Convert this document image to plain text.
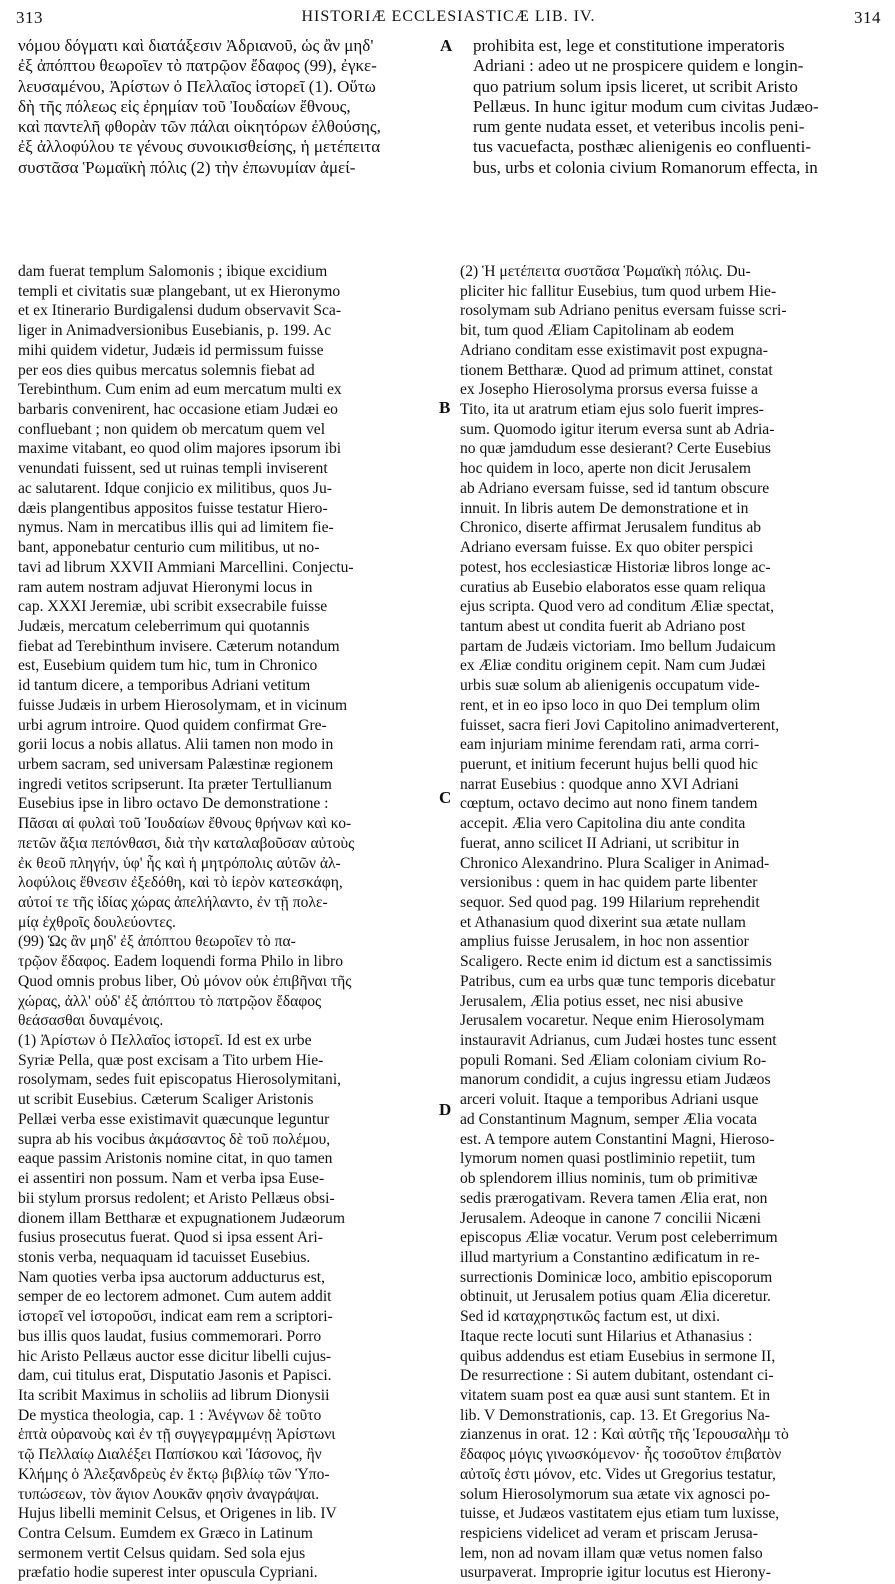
313	HISTORIÆ ECCLESIASTICÆ LIB. IV.	314
νόμου δόγματι καὶ διατάξεσιν Ἀδριανοῦ, ὡς ἂν μηδ'
ἐξ ἀπόπτου θεωροῖεν τὸ πατρῷον ἔδαφος (99), ἐγκε-
λευσαμένου, Ἀρίστων ὁ Πελλαῖος ἱστορεῖ (1). Οὕτω
δὴ τῆς πόλεως εἰς ἐρημίαν τοῦ Ἰουδαίων ἔθνους,
καὶ παντελῆ φθορὰν τῶν πάλαι οἰκητόρων ἐλθούσης,
ἐξ ἀλλοφύλου τε γένους συνοικισθείσης, ἡ μετέπειτα
συστᾶσα Ῥωμαϊκὴ πόλις (2) τὴν ἐπωνυμίαν ἀμεί-
prohibita est, lege et constitutione imperatoris
Adriani : adeo ut ne prospicere quidem e longin-
quo patrium solum ipsis liceret, ut scribit Aristo
Pellæus. In hunc igitur modum cum civitas Judæo-
rum gente nudata esset, et veteribus incolis peni-
tus vacuefacta, posthæc alienigenis eo confluenti-
bus, urbs et colonia civium Romanorum effecta, in
dam fuerat templum Salomonis ; ibique excidium
templi et civitatis suæ plangebant, ut ex Hieronymo
et ex Itinerario Burdigalensi dudum observavit Sca-
liger in Animadversionibus Eusebianis, p. 199. Ac
mihi quidem videtur, Judæis id permissum fuisse
per eos dies quibus mercatus solemnis fiebat ad
Terebinthum. Cum enim ad eum mercatum multi ex
barbaris convenirent, hac occasione etiam Judæi eo
confluebant ; non quidem ob mercatum quem vel
maxime vitabant, eo quod olim majores ipsorum ibi
venundati fuissent, sed ut ruinas templi inviserent
ac salutarent. Idque conjicio ex militibus, quos Ju-
dæis plangentibus appositos fuisse testatur Hiero-
nymus. Nam in mercatibus illis qui ad limitem fie-
bant, apponebatur centurio cum militibus, ut no-
tavi ad librum XXVII Ammiani Marcellini. Conjectu-
ram autem nostram adjuvat Hieronymi locus in
cap. XXXI Jeremiæ, ubi scribit exsecrabile fuisse
Judæis, mercatum celeberrimum qui quotannis
fiebat ad Terebinthum invisere. Cæterum notandum
est, Eusebium quidem tum hic, tum in Chronico
id tantum dicere, a temporibus Adriani vetitum
fuisse Judæis in urbem Hierosolymam, et in vicinum
urbi agrum introire. Quod quidem confirmat Gre-
gorii locus a nobis allatus. Alii tamen non modo in
urbem sacram, sed universam Palæstinæ regionem
ingredi vetitos scripserunt. Ita præter Tertullianum
Eusebius ipse in libro octavo De demonstratione :
Πᾶσαι αἱ φυλαὶ τοῦ Ἰουδαίων ἔθνους θρήνων καὶ κο-
πετῶν ἄξια πεπόνθασι, διὰ τὴν καταλαβοῦσαν αὐτοὺς
ἐκ θεοῦ πληγήν, ὑφ' ἧς καὶ ἡ μητρόπολις αὐτῶν ἀλ-
λοφύλοις ἔθνεσιν ἐξεδόθη, καὶ τὸ ἱερὸν κατεσκάφη,
αὐτοί τε τῆς ἰδίας χώρας ἀπελήλαντο, ἐν τῇ πολε-
μίᾳ ἐχθροῖς δουλεύοντες.
(99) Ὡς ἂν μηδ' ἐξ ἀπόπτου θεωροῖεν τὸ πα-
τρῷον ἔδαφος. Eadem loquendi forma Philo in libro
Quod omnis probus liber, Οὐ μόνον οὐκ ἐπιβῆναι τῆς
χώρας, ἀλλ' οὐδ' ἐξ ἀπόπτου τὸ πατρῷον ἔδαφος
θεάσασθαι δυναμένοις.
(1) Ἀρίστων ὁ Πελλαῖος ἱστορεῖ. Id est ex urbe
Syriæ Pella, quæ post excisam a Tito urbem Hie-
rosolymam, sedes fuit episcopatus Hierosolymitani,
ut scribit Eusebius. Cæterum Scaliger Aristonis
Pellæi verba esse existimavit quæcunque leguntur
supra ab his vocibus ἀκμάσαντος δὲ τοῦ πολέμου,
eaque passim Aristonis nomine citat, in quo tamen
ei assentiri non possum. Nam et verba ipsa Euse-
bii stylum prorsus redolent; et Aristo Pellæus obsi-
dionem illam Bettharæ et expugnationem Judæorum
fusius prosecutus fuerat. Quod si ipsa essent Ari-
stonis verba, nequaquam id tacuisset Eusebius.
Nam quoties verba ipsa auctorum adducturus est,
semper de eo lectorem admonet. Cum autem addit
ἱστορεῖ vel ἱστοροῦσι, indicat eam rem a scriptori-
bus illis quos laudat, fusius commemorari. Porro
hic Aristo Pellæus auctor esse dicitur libelli cujus-
dam, cui titulus erat, Disputatio Jasonis et Papisci.
Ita scribit Maximus in scholiis ad librum Dionysii
De mystica theologia, cap. 1 : Ἀνέγνων δὲ τοῦτο
ἑπτὰ οὐρανοὺς καὶ ἐν τῇ συγγεγραμμένῃ Ἀρίστωνι
τῷ Πελλαίῳ Διαλέξει Παπίσκου καὶ Ἰάσονος, ἣν
Κλήμης ὁ Ἀλεξανδρεὺς ἐν ἕκτῳ βιβλίῳ τῶν Ὑπο-
τυπώσεων, τὸν ἅγιον Λουκᾶν φησὶν ἀναγράψαι.
Hujus libelli meminit Celsus, et Origenes in lib. IV
Contra Celsum. Eumdem ex Græco in Latinum
sermonem vertit Celsus quidam. Sed sola ejus
præfatio hodie superest inter opuscula Cypriani.
(2) Ἡ μετέπειτα συστᾶσα Ῥωμαϊκὴ πόλις. Du-
pliciter hic fallitur Eusebius, tum quod urbem Hie-
rosolymam sub Adriano penitus eversam fuisse scri-
bit, tum quod Æliam Capitolinam ab eodem
Adriano conditam esse existimavit post expugna-
tionem Bettharæ. Quod ad primum attinet, constat
ex Josepho Hierosolyma prorsus eversa fuisse a
Tito, ita ut aratrum etiam ejus solo fuerit impres-
sum. Quomodo igitur iterum eversa sunt ab Adria-
no quæ jamdudum esse desierant? Certe Eusebius
hoc quidem in loco, aperte non dicit Jerusalem
ab Adriano eversam fuisse, sed id tantum obscure
innuit. In libris autem De demonstratione et in
Chronico, diserte affirmat Jerusalem funditus ab
Adriano eversam fuisse. Ex quo obiter perspici
potest, hos ecclesiasticæ Historiæ libros longe ac-
curatius ab Eusebio elaboratos esse quam reliqua
ejus scripta. Quod vero ad conditum Æliæ spectat,
tantum abest ut condita fuerit ab Adriano post
partam de Judæis victoriam. Imo bellum Judaicum
ex Æliæ conditu originem cepit. Nam cum Judæi
urbis suæ solum ab alienigenis occupatum vide-
rent, et in eo ipso loco in quo Dei templum olim
fuisset, sacra fieri Jovi Capitolino animadverterent,
eam injuriam minime ferendam rati, arma corri-
puerunt, et initium fecerunt hujus belli quod hic
narrat Eusebius : quodque anno XVI Adriani
cœptum, octavo decimo aut nono finem tandem
accepit. Ælia vero Capitolina diu ante condita
fuerat, anno scilicet II Adriani, ut scribitur in
Chronico Alexandrino. Plura Scaliger in Animad-
versionibus : quem in hac quidem parte libenter
sequor. Sed quod pag. 199 Hilarium reprehendit
et Athanasium quod dixerint sua ætate nullam
amplius fuisse Jerusalem, in hoc non assentior
Scaligero. Recte enim id dictum est a sanctissimis
Patribus, cum ea urbs quæ tunc temporis dicebatur
Jerusalem, Ælia potius esset, nec nisi abusive
Jerusalem vocaretur. Neque enim Hierosolymam
instauravit Adrianus, cum Judæi hostes tunc essent
populi Romani. Sed Æliam coloniam civium Ro-
manorum condidit, a cujus ingressu etiam Judæos
arceri voluit. Itaque a temporibus Adriani usque
ad Constantinum Magnum, semper Ælia vocata
est. A tempore autem Constantini Magni, Hieroso-
lymorum nomen quasi postliminio repetiit, tum
ob splendorem illius nominis, tum ob primitivæ
sedis prærogativam. Revera tamen Ælia erat, non
Jerusalem. Adeoque in canone 7 concilii Nicæni
episcopus Æliæ vocatur. Verum post celeberrimum
illud martyrium a Constantino ædificatum in re-
surrectionis Dominicæ loco, ambitio episcoporum
obtinuit, ut Jerusalem potius quam Ælia diceretur.
Sed id καταχρηστικῶς factum est, ut dixi.
Itaque recte locuti sunt Hilarius et Athanasius :
quibus addendus est etiam Eusebius in sermone II,
De resurrectione : Si autem dubitant, ostendant ci-
vitatem suam post ea quæ ausi sunt stantem. Et in
lib. V Demonstrationis, cap. 13. Et Gregorius Na-
zianzenus in orat. 12 : Καὶ αὐτῆς τῆς Ἱερουσαλὴμ τὸ
ἔδαφος μόγις γινωσκόμενον· ἧς τοσοῦτον ἐπιβατὸν
αὐτοῖς ἐστι μόνον, etc. Vides ut Gregorius testatur,
solum Hierosolymorum sua ætate vix agnosci po-
tuisse, et Judæos vastitatem ejus etiam tum luxisse,
respiciens videlicet ad veram et priscam Jerusa-
lem, non ad novam illam quæ vetus nomen falso
usurpaverat. Improprie igitur locutus est Hierony-
A
B
C
D
